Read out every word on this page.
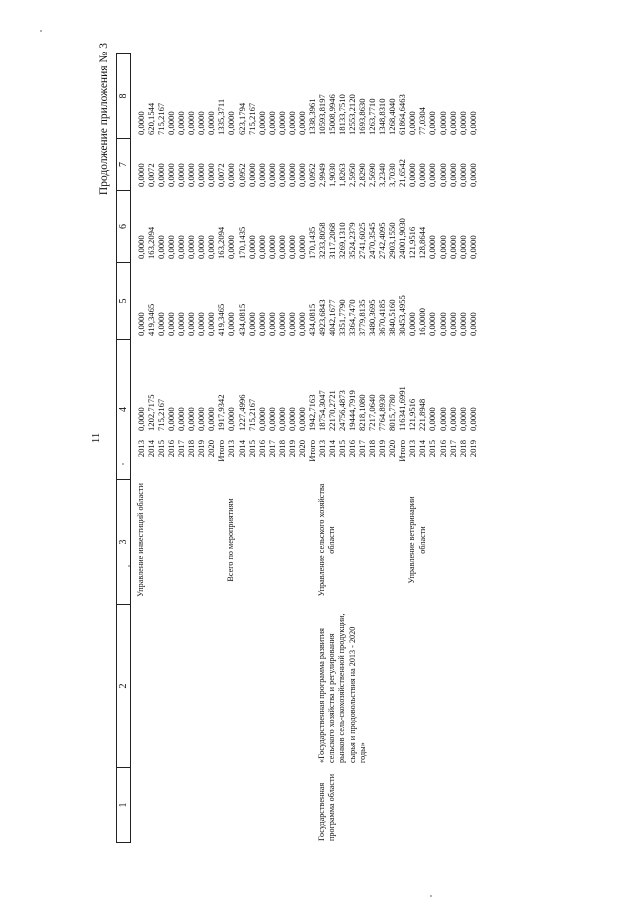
11
Продолжение приложения № 3
1
2
3
4
5
6
7
8
Управление инвестиций области
2013
0,0000
0,0000
0,0000
0,0000
0,0000
2014
1202,7175
419,3465
163,2094
0,0072
620,1544
2015
715,2167
0,0000
0,0000
0,0000
715,2167
2016
0,0000
0,0000
0,0000
0,0000
0,0000
2017
0,0000
0,0000
0,0000
0,0000
0,0000
2018
0,0000
0,0000
0,0000
0,0000
0,0000
2019
0,0000
0,0000
0,0000
0,0000
0,0000
2020
0,0000
0,0000
0,0000
0,0000
0,0000
Итого
1917,9342
419,3465
163,2094
0,0072
1335,3711
Всего по мероприятиям
2013
0,0000
0,0000
0,0000
0,0000
0,0000
2014
1227,4996
434,0815
170,1435
0,0952
623,1794
2015
715,2167
0,0000
0,0000
0,0000
715,2167
2016
0,0000
0,0000
0,0000
0,0000
0,0000
2017
0,0000
0,0000
0,0000
0,0000
0,0000
2018
0,0000
0,0000
0,0000
0,0000
0,0000
2019
0,0000
0,0000
0,0000
0,0000
0,0000
2020
0,0000
0,0000
0,0000
0,0000
0,0000
Итого
1942,7163
434,0815
170,1435
0,0952
1338,3961
Государственная программа области
«Государственная программа развития сельского хозяйства и регулирования рынков сель-скохозяйственной продукции, сырья и продовольствия на 2013 - 2020 годы»
Управление сельского хозяйства области
2013
18754,3047
4923,6843
3233,8058
2,9949
10593,8197
2014
22170,2721
4042,1677
3117,2068
1,9030
15008,9946
2015
24756,4873
3351,7790
3269,1310
1,8263
18133,7510
2016
19444,7919
3364,7470
3524,2379
2,5950
12553,2120
2017
8218,1080
3779,8135
2741,6025
2,8290
1693,8630
2018
7217,0640
3480,3695
2470,3545
2,5690
1263,7710
2019
7764,8930
3670,4185
2742,4095
3,2340
1348,8310
2020
8015,7780
3840,5160
2903,1550
3,7030
1268,4040
Итого
116341,6991
30453,4955
24001,9030
21,6542
61864,6463
Управление ветеринарии области
2013
121,9516
0,0000
121,9516
0,0000
0,0000
2014
221,8948
16,0000
128,8644
0,0000
77,0304
2015
0,0000
0,0000
0,0000
0,0000
0,0000
2016
0,0000
0,0000
0,0000
0,0000
0,0000
2017
0,0000
0,0000
0,0000
0,0000
0,0000
2018
0,0000
0,0000
0,0000
0,0000
0,0000
2019
0,0000
0,0000
0,0000
0,0000
0,0000
